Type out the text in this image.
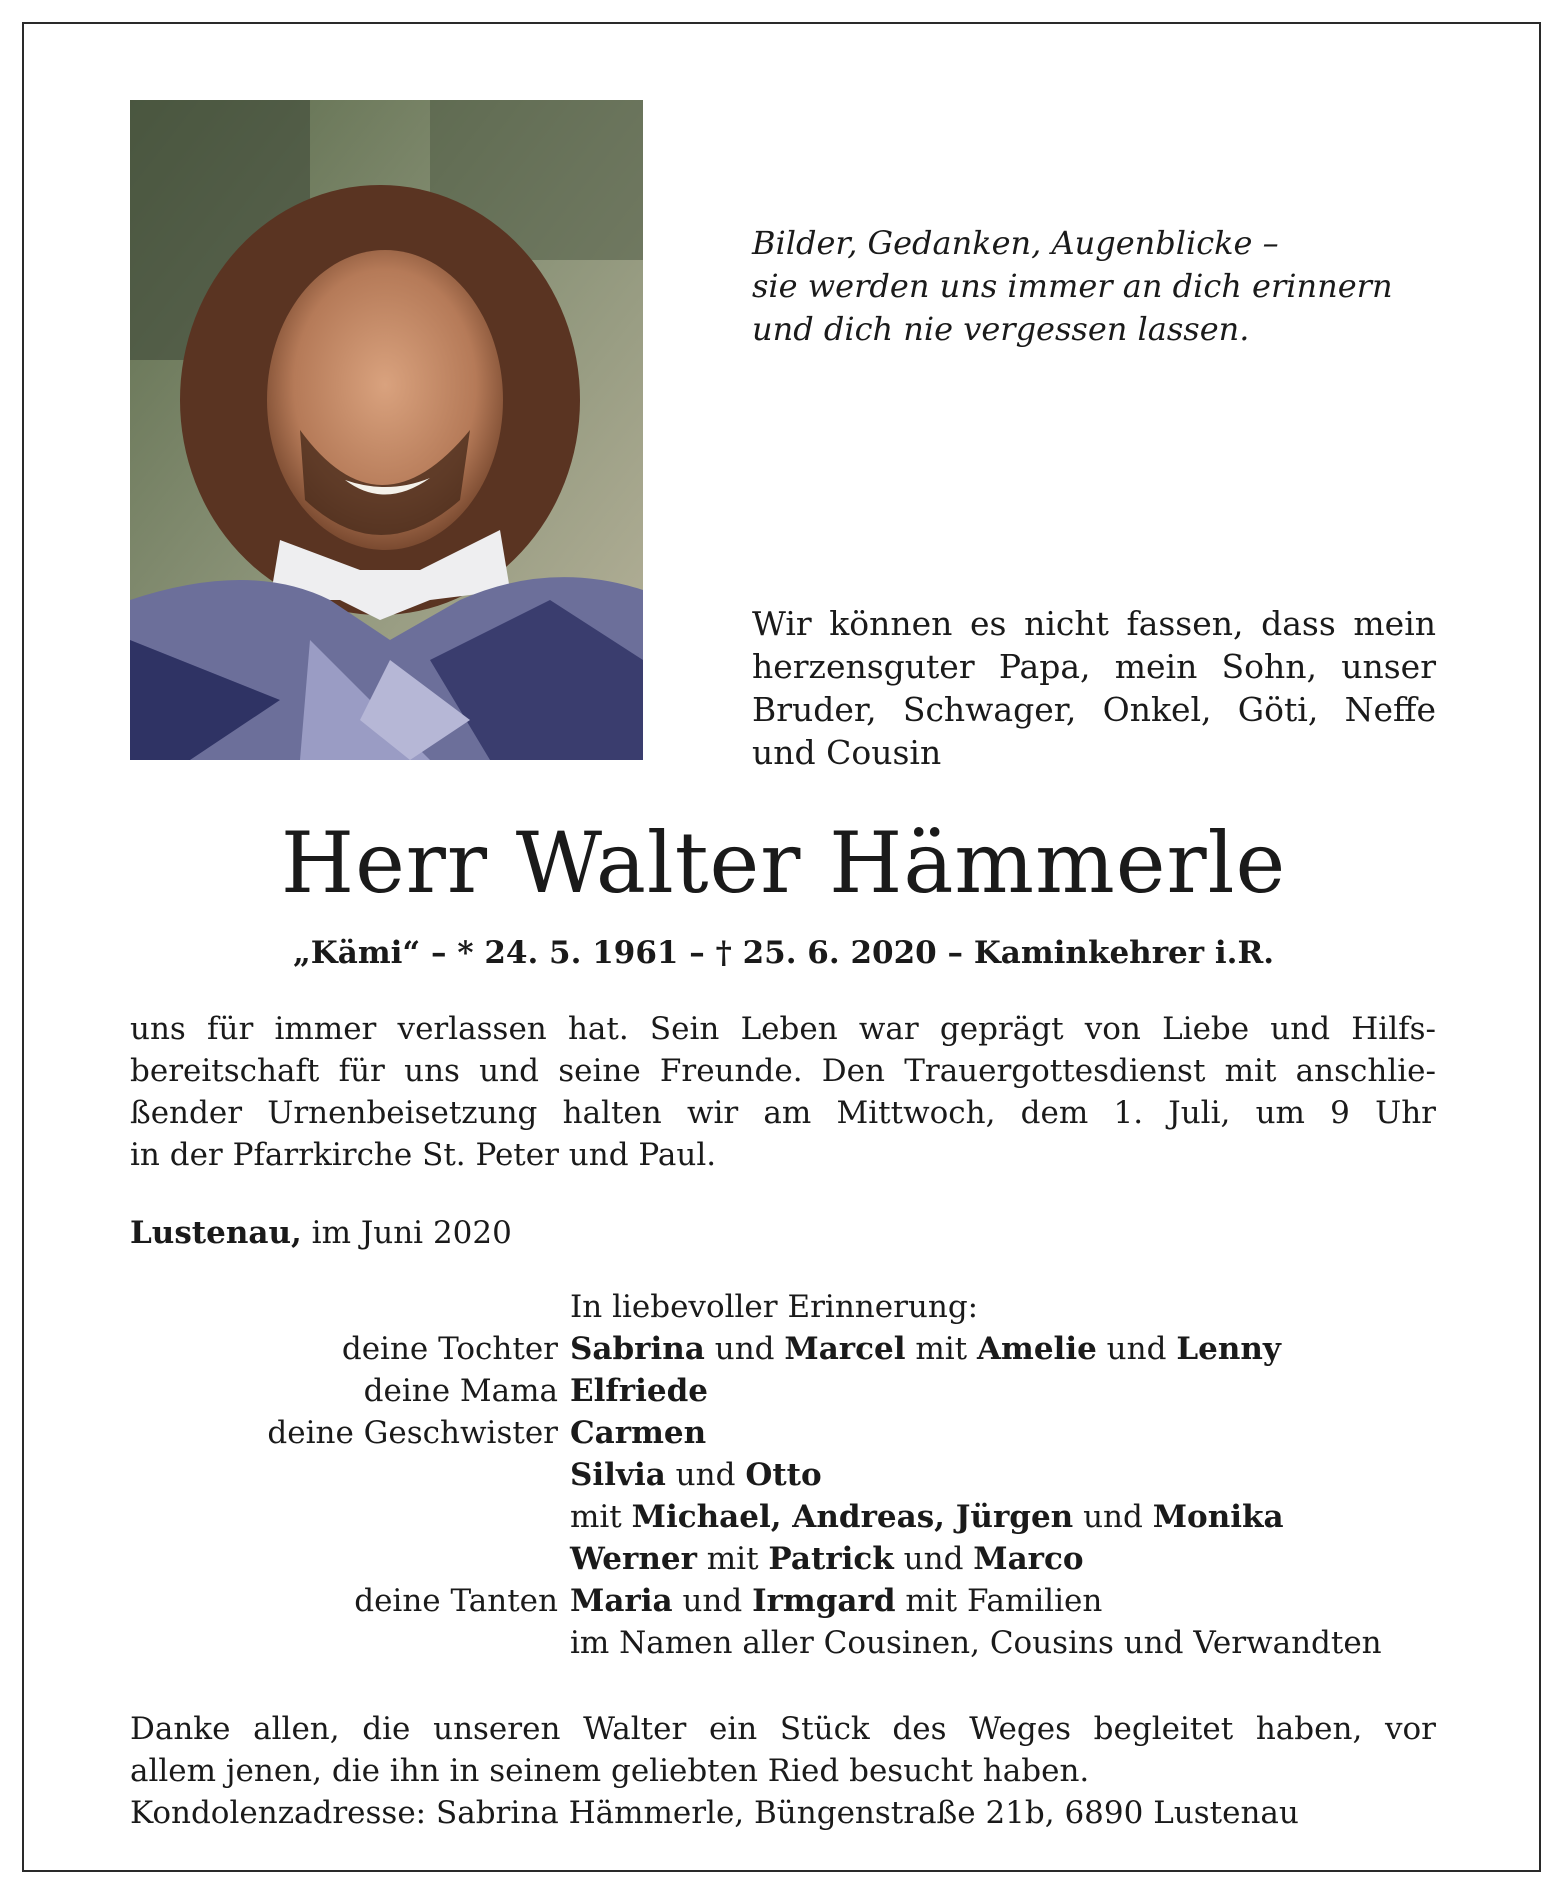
Bilder, Gedanken, Augenblicke –
sie werden uns immer an dich erinnern
und dich nie vergessen lassen.
Wir können es nicht fassen, dass mein
herzensguter Papa, mein Sohn, unser
Bruder, Schwager, Onkel, Göti, Neffe
und Cousin
Herr Walter Hämmerle
„Kämi“ – * 24. 5. 1961 – † 25. 6. 2020 – Kaminkehrer i.R.
uns für immer verlassen hat. Sein Leben war geprägt von Liebe und Hilfs-
bereitschaft für uns und seine Freunde. Den Trauergottesdienst mit anschlie-
ßender Urnenbeisetzung halten wir am Mittwoch, dem 1. Juli, um 9 Uhr
in der Pfarrkirche St. Peter und Paul.
Lustenau, im Juni 2020
In liebevoller Erinnerung:
deine Tochter Sabrina und Marcel mit Amelie und Lenny
deine Mama Elfriede
deine Geschwister Carmen
Silvia und Otto
mit Michael, Andreas, Jürgen und Monika
Werner mit Patrick und Marco
deine Tanten Maria und Irmgard mit Familien
im Namen aller Cousinen, Cousins und Verwandten
Danke allen, die unseren Walter ein Stück des Weges begleitet haben, vor
allem jenen, die ihn in seinem geliebten Ried besucht haben.
Kondolenzadresse: Sabrina Hämmerle, Büngenstraße 21b, 6890 Lustenau
